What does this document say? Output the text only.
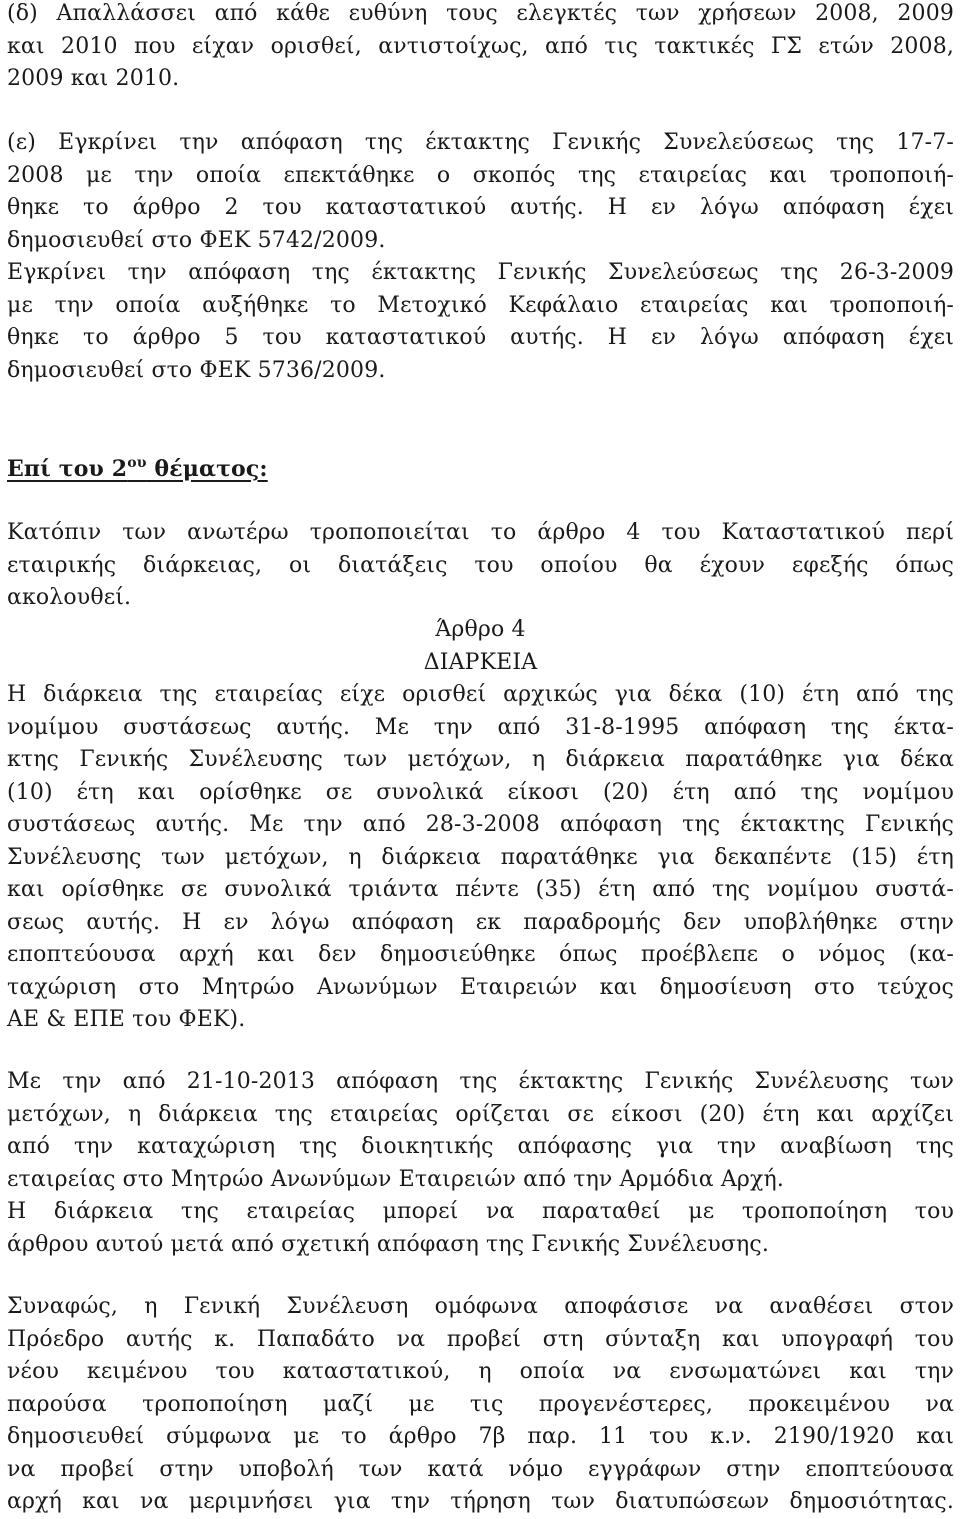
(δ) Απαλλάσσει από κάθε ευθύνη τους ελεγκτές των χρήσεων 2008, 2009
και 2010 που είχαν ορισθεί, αντιστοίχως, από τις τακτικές ΓΣ ετών 2008,
2009 και 2010.
(ε) Εγκρίνει την απόφαση της έκτακτης Γενικής Συνελεύσεως της 17-7-
2008 με την οποία επεκτάθηκε ο σκοπός της εταιρείας και τροποποιή-
θηκε το άρθρο 2 του καταστατικού αυτής. Η εν λόγω απόφαση έχει
δημοσιευθεί στο ΦΕΚ 5742/2009.
Εγκρίνει την απόφαση της έκτακτης Γενικής Συνελεύσεως της 26-3-2009
με την οποία αυξήθηκε το Μετοχικό Κεφάλαιο εταιρείας και τροποποιή-
θηκε το άρθρο 5 του καταστατικού αυτής. Η εν λόγω απόφαση έχει
δημοσιευθεί στο ΦΕΚ 5736/2009.
Επί του $2^{o\upsilon}$ θέματος:
Κατόπιν των ανωτέρω τροποποιείται το άρθρο 4 του Καταστατικού περί
εταιρικής διάρκειας, οι διατάξεις του οποίου θα έχουν εφεξής όπως
ακολουθεί.
Άρθρο 4
ΔΙΑΡΚΕΙΑ
Η διάρκεια της εταιρείας είχε ορισθεί αρχικώς για δέκα (10) έτη από της
νομίμου συστάσεως αυτής. Με την από 31-8-1995 απόφαση της έκτα-
κτης Γενικής Συνέλευσης των μετόχων, η διάρκεια παρατάθηκε για δέκα
(10) έτη και ορίσθηκε σε συνολικά είκοσι (20) έτη από της νομίμου
συστάσεως αυτής. Με την από 28-3-2008 απόφαση της έκτακτης Γενικής
Συνέλευσης των μετόχων, η διάρκεια παρατάθηκε για δεκαπέντε (15) έτη
και ορίσθηκε σε συνολικά τριάντα πέντε (35) έτη από της νομίμου συστά-
σεως αυτής. Η εν λόγω απόφαση εκ παραδρομής δεν υποβλήθηκε στην
εποπτεύουσα αρχή και δεν δημοσιεύθηκε όπως προέβλεπε ο νόμος (κα-
ταχώριση στο Μητρώο Ανωνύμων Εταιρειών και δημοσίευση στο τεύχος
ΑΕ & ΕΠΕ του ΦΕΚ).
Με την από 21-10-2013 απόφαση της έκτακτης Γενικής Συνέλευσης των
μετόχων, η διάρκεια της εταιρείας ορίζεται σε είκοσι (20) έτη και αρχίζει
από την καταχώριση της διοικητικής απόφασης για την αναβίωση της
εταιρείας στο Μητρώο Ανωνύμων Εταιρειών από την Αρμόδια Αρχή.
Η διάρκεια της εταιρείας μπορεί να παραταθεί με τροποποίηση του
άρθρου αυτού μετά από σχετική απόφαση της Γενικής Συνέλευσης.
Συναφώς, η Γενική Συνέλευση ομόφωνα αποφάσισε να αναθέσει στον
Πρόεδρο αυτής κ. Παπαδάτο να προβεί στη σύνταξη και υπογραφή του
νέου κειμένου του καταστατικού, η οποία να ενσωματώνει και την
παρούσα τροποποίηση μαζί με τις προγενέστερες, προκειμένου να
δημοσιευθεί σύμφωνα με το άρθρο 7β παρ. 11 του κ.ν. 2190/1920 και
να προβεί στην υποβολή των κατά νόμο εγγράφων στην εποπτεύουσα
αρχή και να μεριμνήσει για την τήρηση των διατυπώσεων δημοσιότητας.
